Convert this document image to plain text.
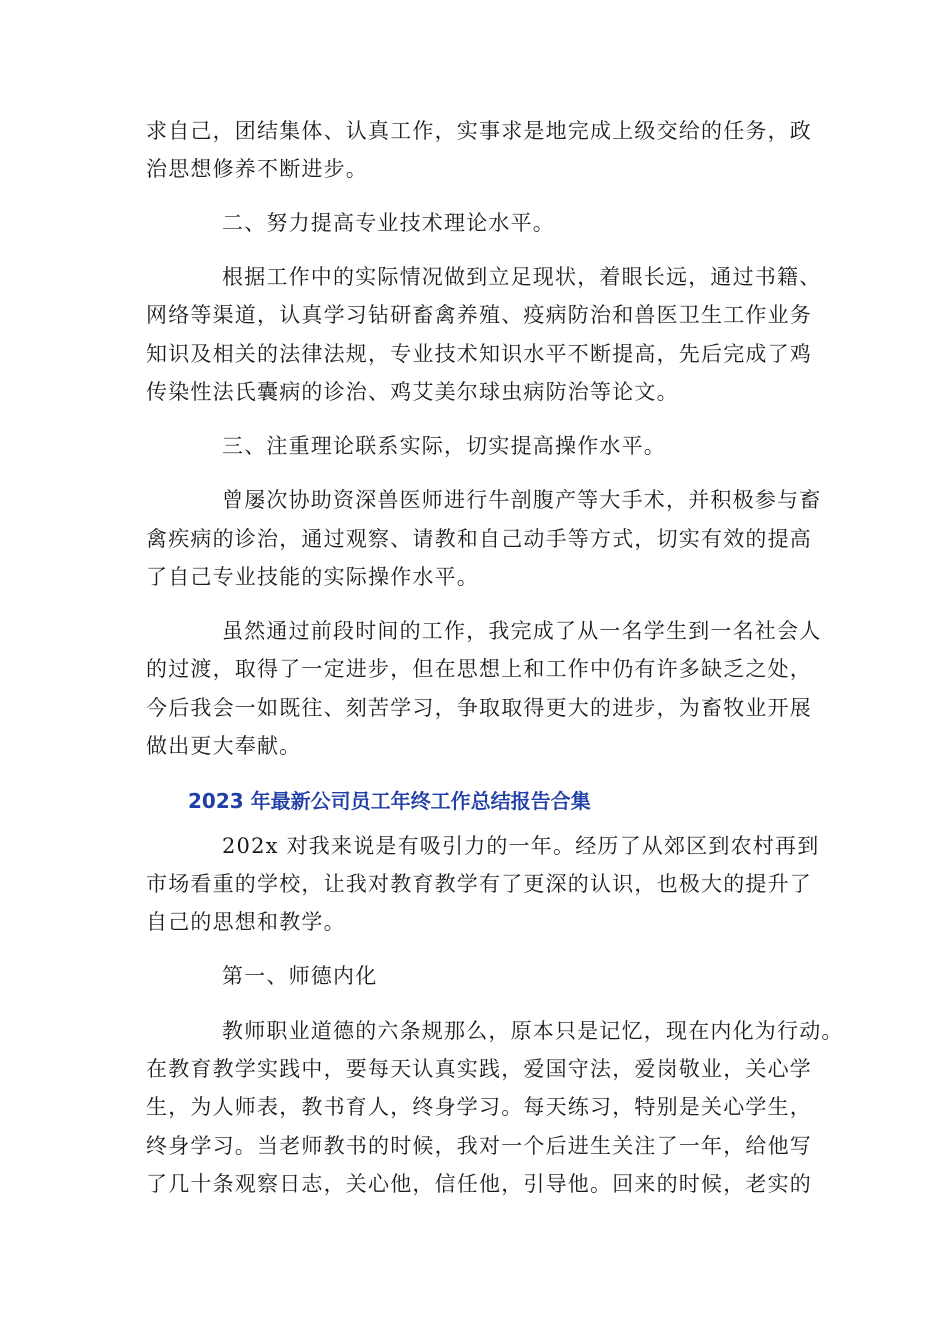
求自己，团结集体、认真工作，实事求是地完成上级交给的任务，政

治思想修养不断进步。

二、努力提高专业技术理论水平。

根据工作中的实际情况做到立足现状，着眼长远，通过书籍、

网络等渠道，认真学习钻研畜禽养殖、疫病防治和兽医卫生工作业务

知识及相关的法律法规，专业技术知识水平不断提高，先后完成了鸡

传染性法氏囊病的诊治、鸡艾美尔球虫病防治等论文。

三、注重理论联系实际，切实提高操作水平。

曾屡次协助资深兽医师进行牛剖腹产等大手术，并积极参与畜

禽疾病的诊治，通过观察、请教和自己动手等方式，切实有效的提高

了自己专业技能的实际操作水平。

虽然通过前段时间的工作，我完成了从一名学生到一名社会人

的过渡，取得了一定进步，但在思想上和工作中仍有许多缺乏之处，

今后我会一如既往、刻苦学习，争取取得更大的进步，为畜牧业开展

做出更大奉献。

2023 年最新公司员工年终工作总结报告合集

202x 对我来说是有吸引力的一年。经历了从郊区到农村再到

市场看重的学校，让我对教育教学有了更深的认识，也极大的提升了

自己的思想和教学。

第一、师德内化

教师职业道德的六条规那么，原本只是记忆，现在内化为行动。

在教育教学实践中，要每天认真实践，爱国守法，爱岗敬业，关心学

生，为人师表，教书育人，终身学习。每天练习，特别是关心学生，

终身学习。当老师教书的时候，我对一个后进生关注了一年，给他写

了几十条观察日志，关心他，信任他，引导他。回来的时候，老实的
